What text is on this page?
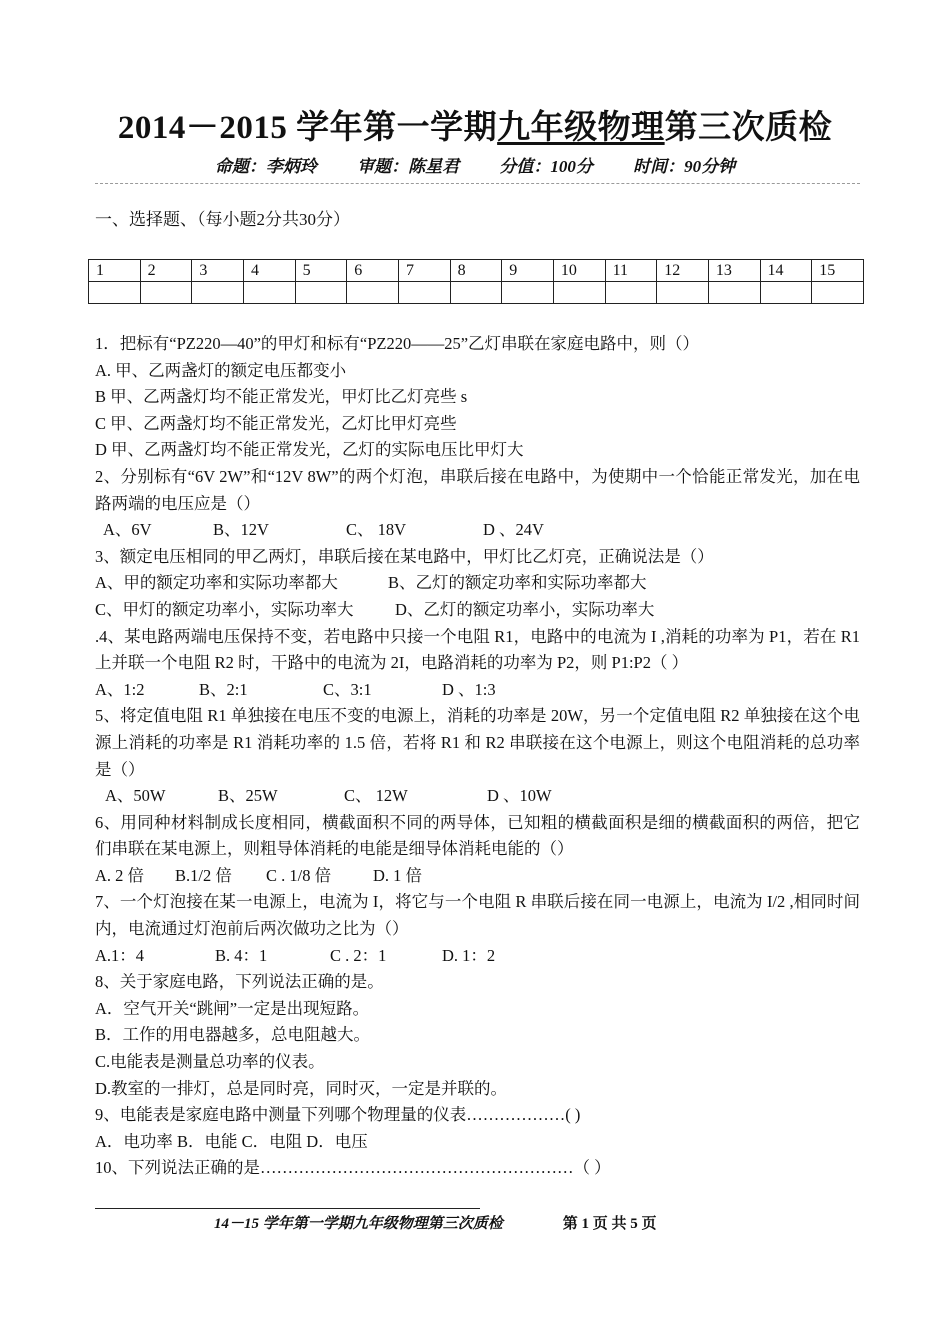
2014－2015 学年第一学期九年级物理第三次质检
命题：李炳玲 审题：陈星君 分值：100分 时间：90分钟
一、选择题、（每小题2分共30分）
1	2	3	4	5	6	7	8	9	10	11	12	13	14	15

1．把标有“PZ220—40”的甲灯和标有“PZ220——25”乙灯串联在家庭电路中，则（）

A. 甲、乙两盏灯的额定电压都变小

B 甲、乙两盏灯均不能正常发光，甲灯比乙灯亮些 s

C 甲、乙两盏灯均不能正常发光，乙灯比甲灯亮些

D 甲、乙两盏灯均不能正常发光，乙灯的实际电压比甲灯大

2、分别标有“6V 2W”和“12V 8W”的两个灯泡，串联后接在电路中，为使期中一个恰能正常发光，加在电路两端的电压应是（）

A、6V	B、12V	C、 18V	D 、24V

3、额定电压相同的甲乙两灯，串联后接在某电路中，甲灯比乙灯亮，正确说法是（）

A、甲的额定功率和实际功率都大	B、乙灯的额定功率和实际功率都大

C、甲灯的额定功率小，实际功率大	D、乙灯的额定功率小，实际功率大

.4、某电路两端电压保持不变，若电路中只接一个电阻 R1，电路中的电流为 I ,消耗的功率为 P1，若在 R1 上并联一个电阻 R2 时，干路中的电流为 2I，电路消耗的功率为 P2，则 P1:P2（ ）

A、1:2	B、2:1	C、3:1	D 、1:3

5、将定值电阻 R1 单独接在电压不变的电源上，消耗的功率是 20W，另一个定值电阻 R2 单独接在这个电源上消耗的功率是 R1 消耗功率的 1.5 倍，若将 R1 和 R2 串联接在这个电源上，则这个电阻消耗的总功率是（）

A、50W	B、25W	C、 12W	D 、10W

6、用同种材料制成长度相同，横截面积不同的两导体，已知粗的横截面积是细的横截面积的两倍，把它们串联在某电源上，则粗导体消耗的电能是细导体消耗电能的（）

A. 2 倍 B.1/2 倍 C . 1/8 倍	D. 1 倍

7、一个灯泡接在某一电源上，电流为 I，将它与一个电阻 R 串联后接在同一电源上，电流为 I/2 ,相同时间内，电流通过灯泡前后两次做功之比为（）

A.1：4	B. 4：1	C . 2：1	D. 1：2

8、关于家庭电路，下列说法正确的是。

A．空气开关“跳闸”一定是出现短路。

B．工作的用电器越多，总电阻越大。

C.电能表是测量总功率的仪表。

D.教室的一排灯，总是同时亮，同时灭，一定是并联的。

9、电能表是家庭电路中测量下列哪个物理量的仪表………………( )

A．电功率 B．电能 C．电阻 D．电压

10、下列说法正确的是…………………………………………………（ ）

14－15 学年第一学期九年级物理第三次质检	第 1 页 共 5 页
